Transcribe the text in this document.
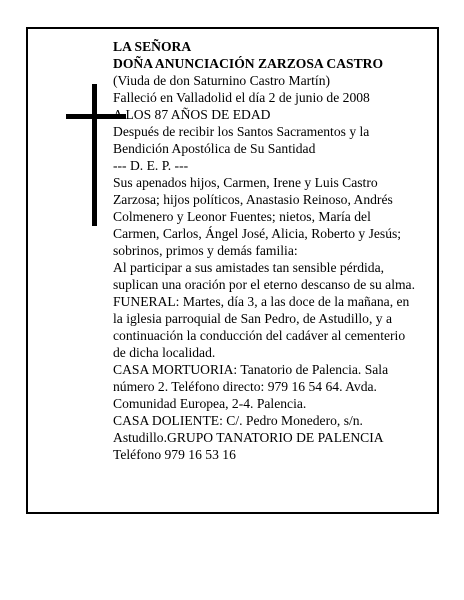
LA SEÑORA
DOÑA ANUNCIACIÓN ZARZOSA CASTRO
(Viuda de don Saturnino Castro Martín)
Falleció en Valladolid el día 2 de junio de 2008
A LOS 87 AÑOS DE EDAD
Después de recibir los Santos Sacramentos y la
Bendición Apostólica de Su Santidad
--- D. E. P. ---
Sus apenados hijos, Carmen, Irene y Luis Castro
Zarzosa; hijos políticos, Anastasio Reinoso, Andrés
Colmenero y Leonor Fuentes; nietos, María del
Carmen, Carlos, Ángel José, Alicia, Roberto y Jesús;
sobrinos, primos y demás familia:
Al participar a sus amistades tan sensible pérdida,
suplican una oración por el eterno descanso de su alma.
FUNERAL: Martes, día 3, a las doce de la mañana, en
la iglesia parroquial de San Pedro, de Astudillo, y a
continuación la conducción del cadáver al cementerio
de dicha localidad.
CASA MORTUORIA: Tanatorio de Palencia. Sala
número 2. Teléfono directo: 979 16 54 64. Avda.
Comunidad Europea, 2-4. Palencia.
CASA DOLIENTE: C/. Pedro Monedero, s/n.
Astudillo.GRUPO TANATORIO DE PALENCIA
Teléfono 979 16 53 16
